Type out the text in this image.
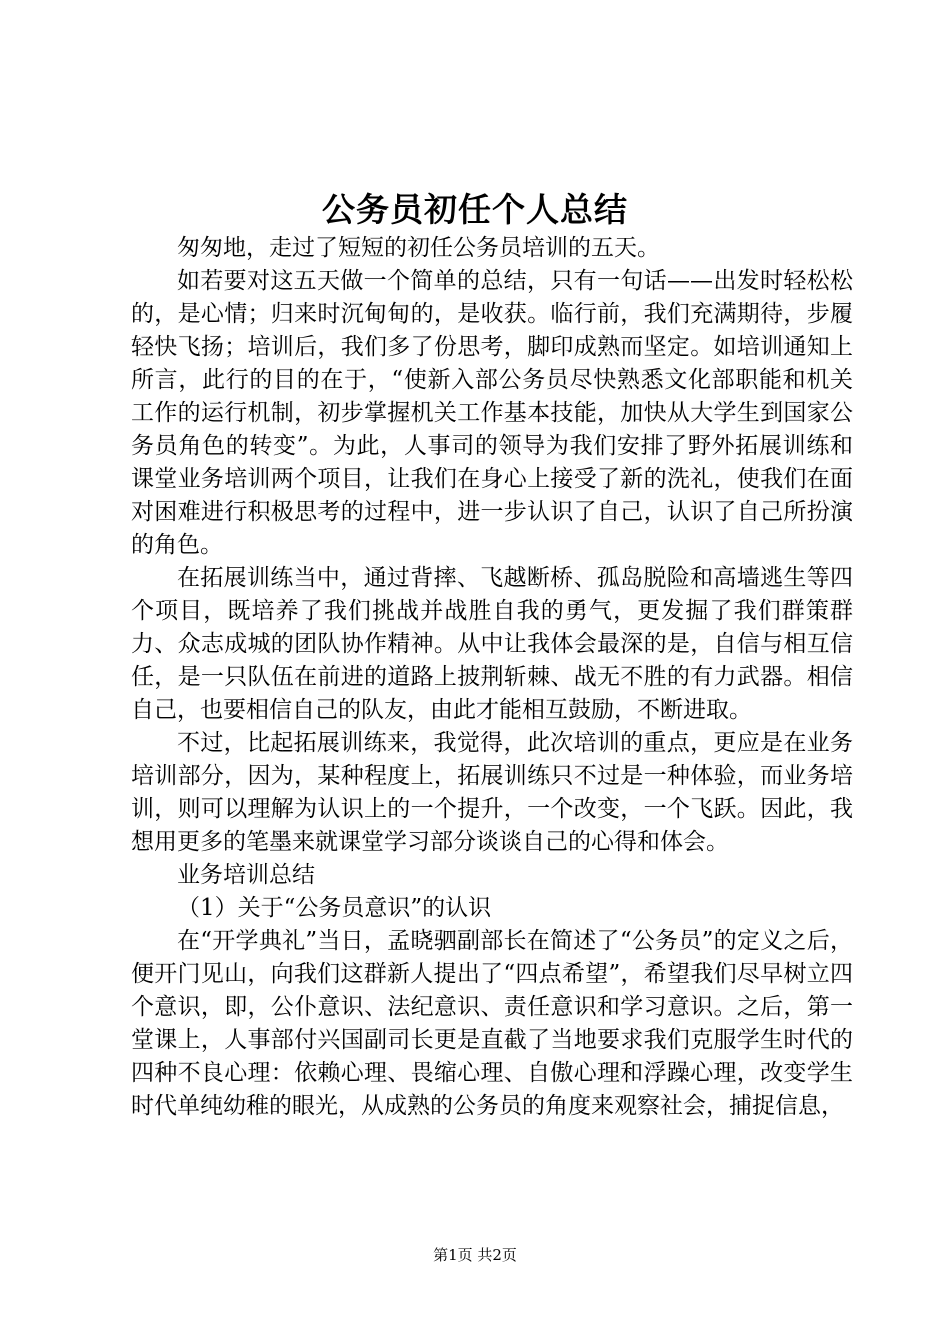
公务员初任个人总结

匆匆地，走过了短短的初任公务员培训的五天。

如若要对这五天做一个简单的总结，只有一句话——出发时轻松松的，是心情；归来时沉甸甸的，是收获。临行前，我们充满期待，步履轻快飞扬；培训后，我们多了份思考，脚印成熟而坚定。如培训通知上所言，此行的目的在于，“使新入部公务员尽快熟悉文化部职能和机关工作的运行机制，初步掌握机关工作基本技能，加快从大学生到国家公务员角色的转变”。为此，人事司的领导为我们安排了野外拓展训练和课堂业务培训两个项目，让我们在身心上接受了新的洗礼，使我们在面对困难进行积极思考的过程中，进一步认识了自己，认识了自己所扮演的角色。

在拓展训练当中，通过背摔、飞越断桥、孤岛脱险和高墙逃生等四个项目，既培养了我们挑战并战胜自我的勇气，更发掘了我们群策群力、众志成城的团队协作精神。从中让我体会最深的是，自信与相互信任，是一只队伍在前进的道路上披荆斩棘、战无不胜的有力武器。相信自己，也要相信自己的队友，由此才能相互鼓励，不断进取。

不过，比起拓展训练来，我觉得，此次培训的重点，更应是在业务培训部分，因为，某种程度上，拓展训练只不过是一种体验，而业务培训，则可以理解为认识上的一个提升，一个改变，一个飞跃。因此，我想用更多的笔墨来就课堂学习部分谈谈自己的心得和体会。

业务培训总结

（1）关于“公务员意识”的认识

在“开学典礼”当日，孟晓驷副部长在简述了“公务员”的定义之后，便开门见山，向我们这群新人提出了“四点希望”，希望我们尽早树立四个意识，即，公仆意识、法纪意识、责任意识和学习意识。之后，第一堂课上，人事部付兴国副司长更是直截了当地要求我们克服学生时代的四种不良心理：依赖心理、畏缩心理、自傲心理和浮躁心理，改变学生时代单纯幼稚的眼光，从成熟的公务员的角度来观察社会，捕捉信息，

第1页 共2页
